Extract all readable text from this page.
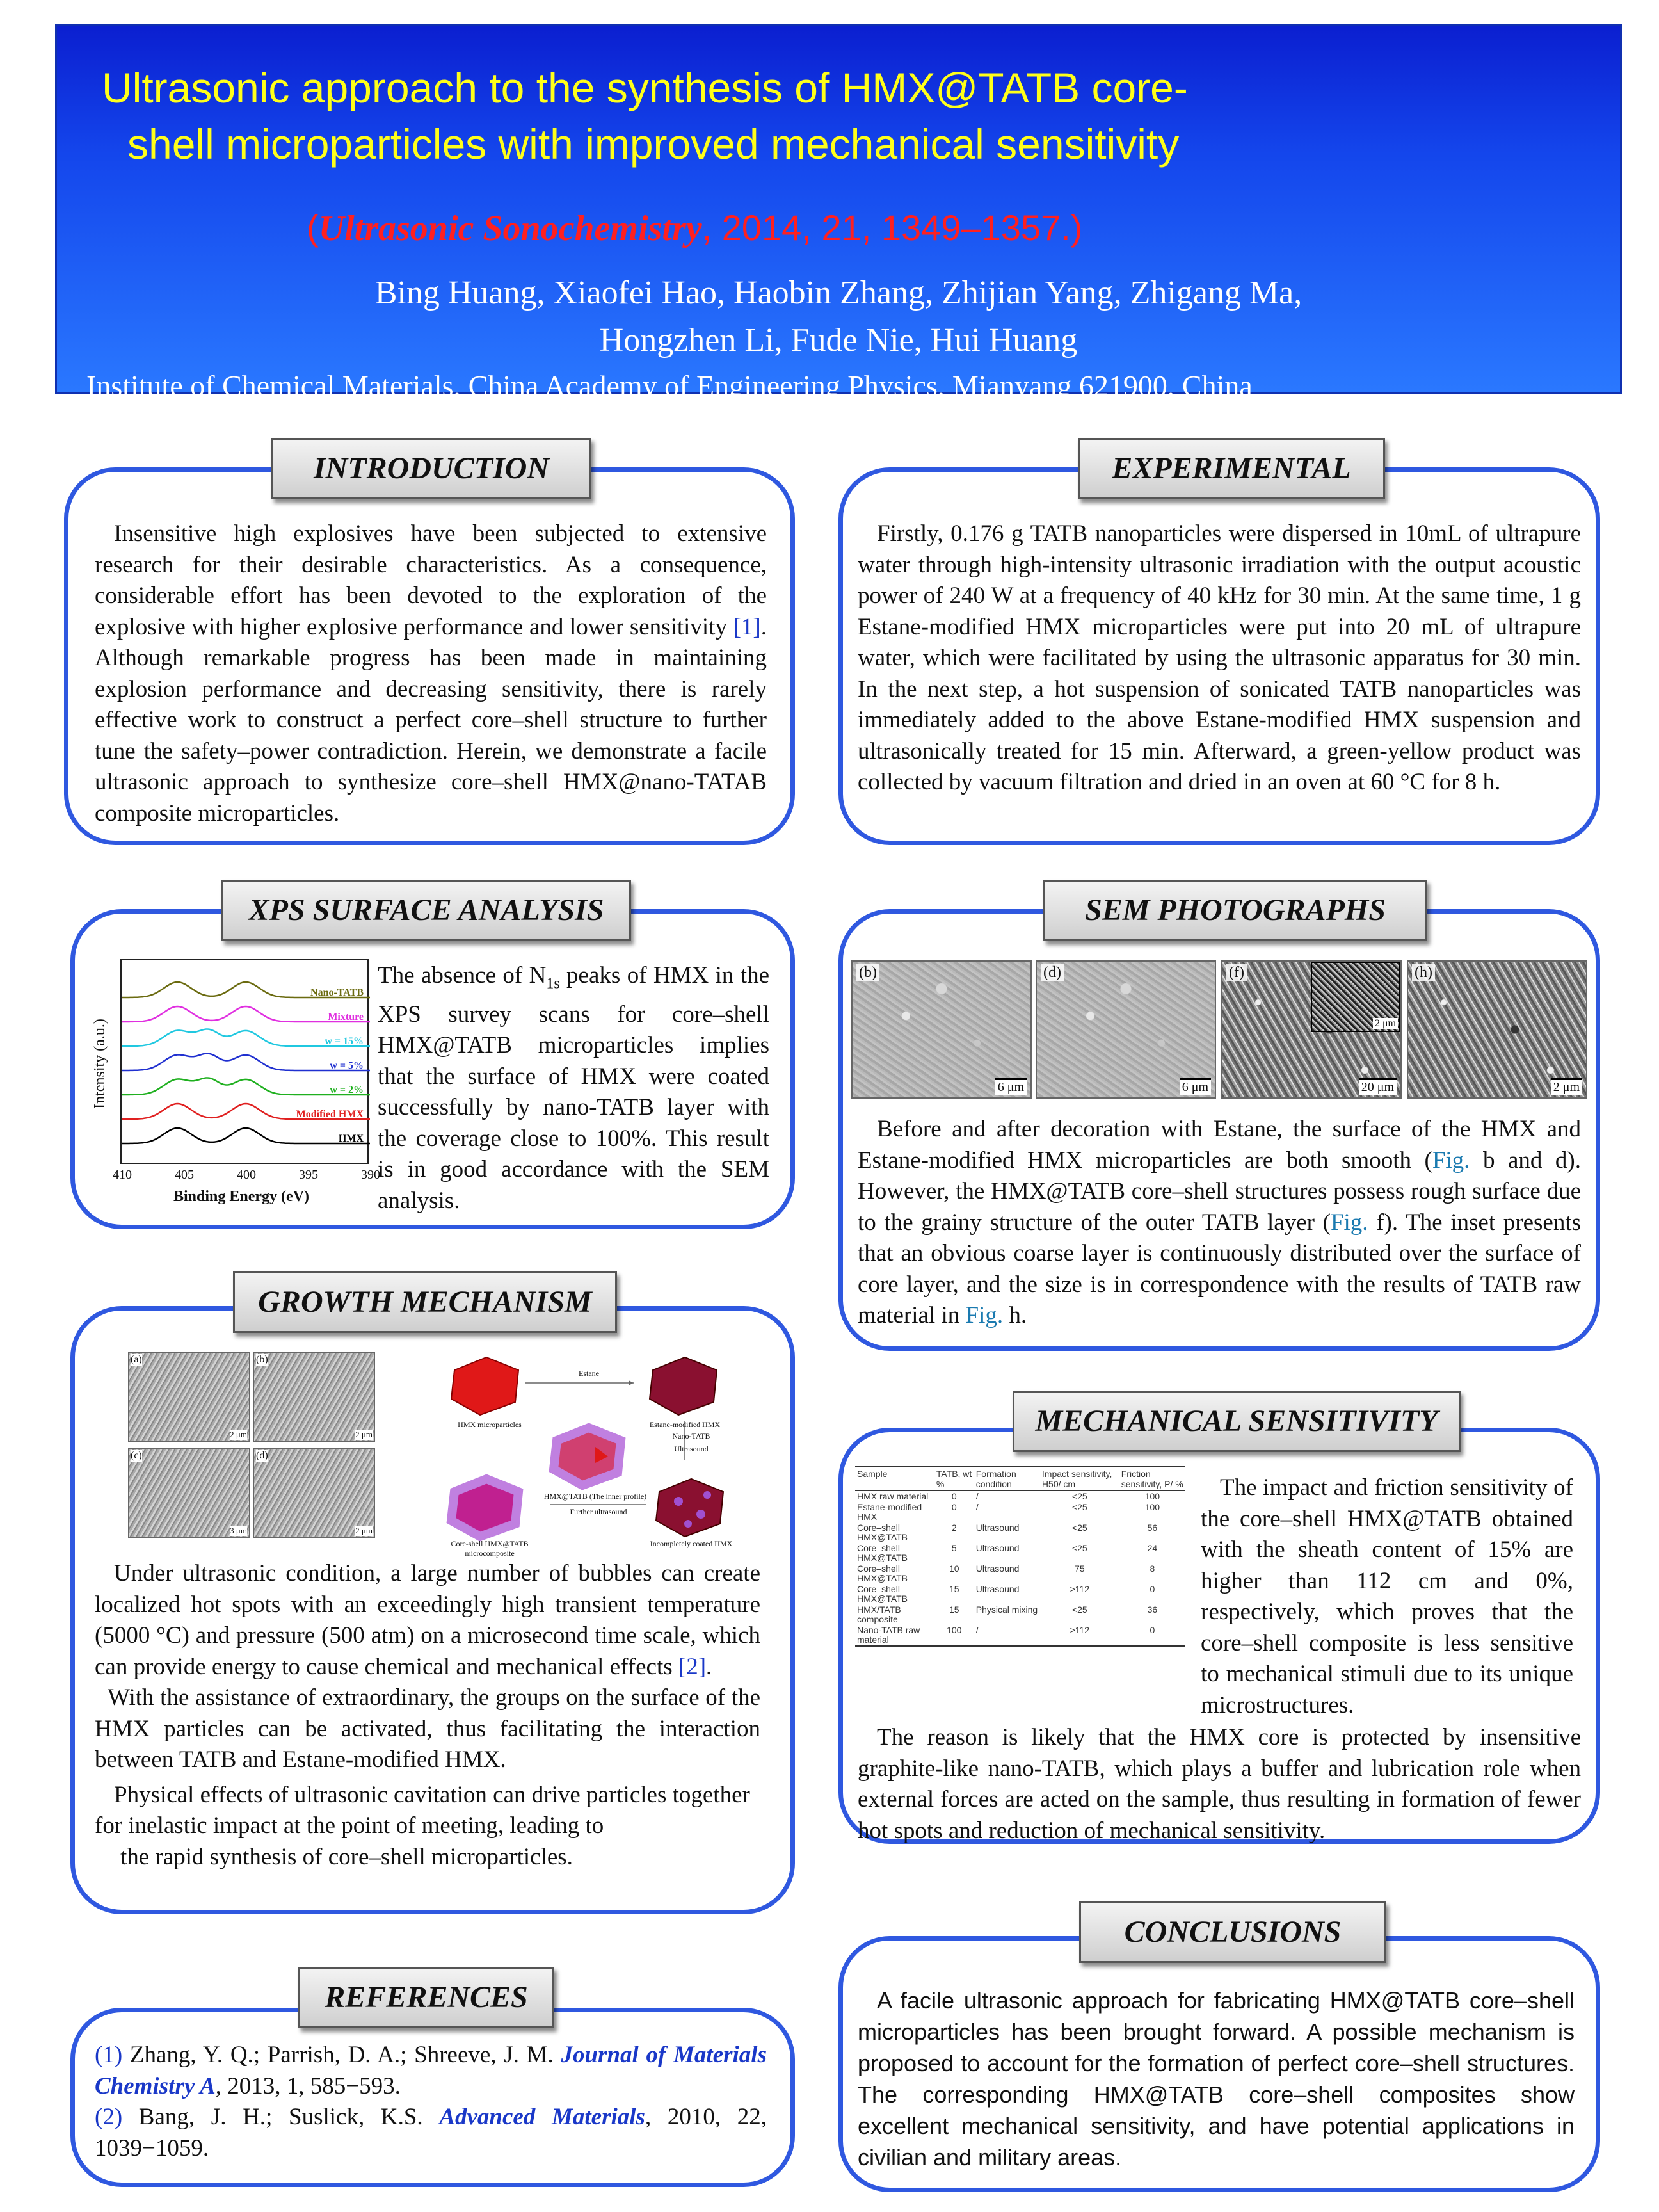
Ultrasonic approach to the synthesis of HMX@TATB core-
shell microparticles with improved mechanical sensitivity
(Ultrasonic Sonochemistry, 2014, 21, 1349–1357.)
Bing Huang, Xiaofei Hao, Haobin Zhang, Zhijian Yang, Zhigang Ma,
Hongzhen Li, Fude Nie, Hui Huang
Institute of Chemical Materials, China Academy of Engineering Physics, Mianyang 621900, China
INTRODUCTION
Insensitive high explosives have been subjected to extensive research for their desirable characteristics. As a consequence, considerable effort has been devoted to the exploration of the explosive with higher explosive performance and lower sensitivity [1]. Although remarkable progress has been made in maintaining explosion performance and decreasing sensitivity, there is rarely effective work to construct a perfect core–shell structure to further tune the safety–power contradiction. Herein, we demonstrate a facile ultrasonic approach to synthesize core–shell HMX@nano-TATAB composite microparticles.
EXPERIMENTAL
Firstly, 0.176 g TATB nanoparticles were dispersed in 10mL of ultrapure water through high-intensity ultrasonic irradiation with the output acoustic power of 240 W at a frequency of 40 kHz for 30 min. At the same time, 1 g Estane-modified HMX microparticles were put into 20 mL of ultrapure water, which were facilitated by using the ultrasonic apparatus for 30 min. In the next step, a hot suspension of sonicated TATB nanoparticles was immediately added to the above Estane-modified HMX suspension and ultrasonically treated for 15 min. Afterward, a green-yellow product was collected by vacuum filtration and dried in an oven at 60 °C for 8 h.
XPS SURFACE ANALYSIS
Intensity (a.u.)
Nano-TATB
Mixture
w = 15%
w = 5%
w = 2%
Modified HMX
HMX
410	405	400	395	390
Binding Energy (eV)
The absence of $N_{1s}$ peaks of HMX in the XPS survey scans for core–shell HMX@TATB microparticles implies that the surface of HMX were coated successfully by nano-TATB layer with the coverage close to 100%. This result is in good accordance with the SEM analysis.
SEM PHOTOGRAPHS
(b)
6 μm
(d)
6 μm
(f)
2 μm
20 μm
(h)
2 μm
Before and after decoration with Estane, the surface of the HMX and Estane-modified HMX microparticles are both smooth (Fig. b and d). However, the HMX@TATB core–shell structures possess rough surface due to the grainy structure of the outer TATB layer (Fig. f). The inset presents that an obvious coarse layer is continuously distributed over the surface of core layer, and the size is in correspondence with the results of TATB raw material in Fig. h.
GROWTH MECHANISM
(a)
2 μm
(b)
2 μm
(c)
3 μm
(d)
2 μm
HMX microparticles
Estane
Estane-modified HMX
HMX@TATB (The inner profile)
Nano-TATB
Ultrasound
Core-shell HMX@TATB microcomposite
Further ultrasound
Incompletely coated HMX
Under ultrasonic condition, a large number of bubbles can create localized hot spots with an exceedingly high transient temperature (5000 °C) and pressure (500 atm) on a microsecond time scale, which can provide energy to cause chemical and mechanical effects [2].
With the assistance of extraordinary, the groups on the surface of the HMX particles can be activated, thus facilitating the interaction between TATB and Estane-modified HMX.
Physical effects of ultrasonic cavitation can drive particles together for inelastic impact at the point of meeting, leading to
the rapid synthesis of core–shell microparticles.
MECHANICAL SENSITIVITY
Sample	TATB, wt %	Formation condition	Impact sensitivity, H50/ cm	Friction sensitivity, P/ %
HMX raw material	0	/	<25	100
Estane-modified HMX	0	/	<25	100
Core–shell HMX@TATB	2	Ultrasound	<25	56
Core–shell HMX@TATB	5	Ultrasound	<25	24
Core–shell HMX@TATB	10	Ultrasound	75	8
Core–shell HMX@TATB	15	Ultrasound	>112	0
HMX/TATB composite	15	Physical mixing	<25	36
Nano-TATB raw material	100	/	>112	0
The impact and friction sensitivity of the core–shell HMX@TATB obtained with the sheath content of 15% are higher than 112 cm and 0%, respectively, which proves that the core–shell composite is less sensitive to mechanical stimuli due to its unique microstructures.
The reason is likely that the HMX core is protected by insensitive graphite-like nano-TATB, which plays a buffer and lubrication role when external forces are acted on the sample, thus resulting in formation of fewer hot spots and reduction of mechanical sensitivity.
REFERENCES
(1) Zhang, Y. Q.; Parrish, D. A.; Shreeve, J. M. Journal of Materials Chemistry A, 2013, 1, 585−593.
(2) Bang, J. H.; Suslick, K.S. Advanced Materials, 2010, 22, 1039−1059.
CONCLUSIONS
A facile ultrasonic approach for fabricating HMX@TATB core–shell microparticles has been brought forward. A possible mechanism is proposed to account for the formation of perfect core–shell structures. The corresponding HMX@TATB core–shell composites show excellent mechanical sensitivity, and have potential applications in civilian and military areas.
